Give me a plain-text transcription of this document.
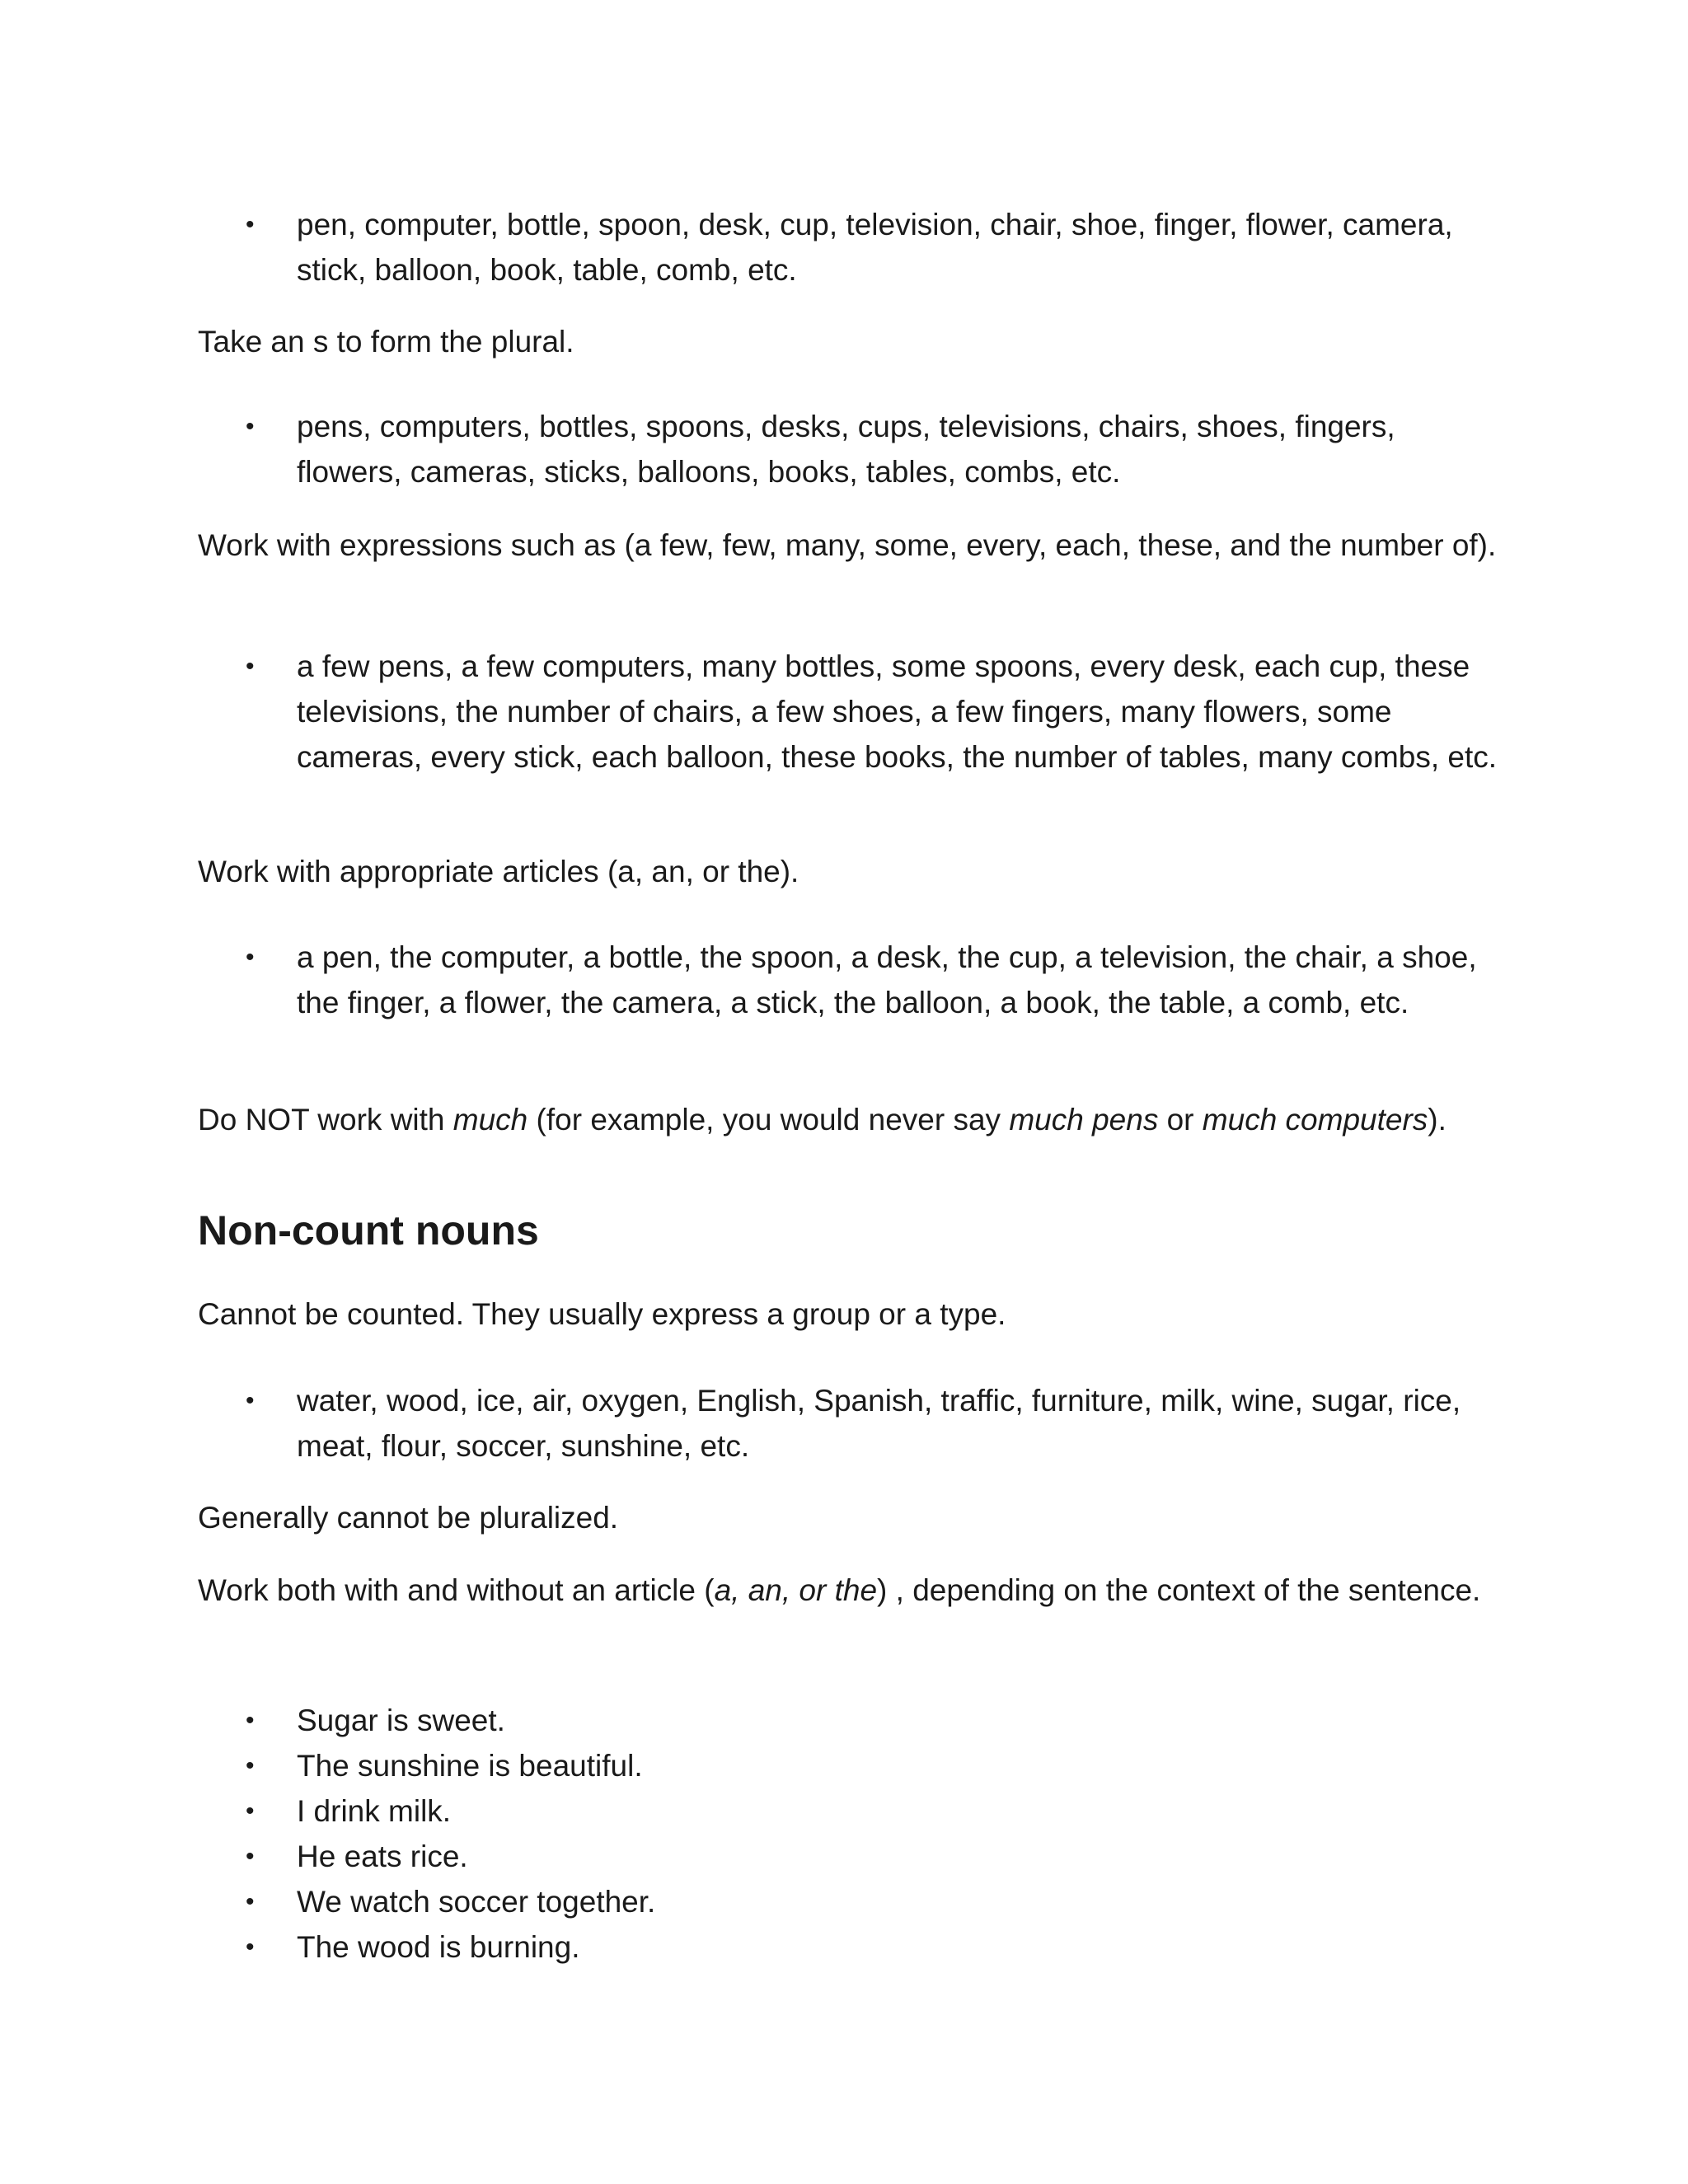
• pen, computer, bottle, spoon, desk, cup, television, chair, shoe, finger, flower, camera, stick, balloon, book, table, comb, etc.

Take an s to form the plural.

• pens, computers, bottles, spoons, desks, cups, televisions, chairs, shoes, fingers, flowers, cameras, sticks, balloons, books, tables, combs, etc.

Work with expressions such as (a few, few, many, some, every, each, these, and the number of).

• a few pens, a few computers, many bottles, some spoons, every desk, each cup, these televisions, the number of chairs, a few shoes, a few fingers, many flowers, some cameras, every stick, each balloon, these books, the number of tables, many combs, etc.

Work with appropriate articles (a, an, or the).

• a pen, the computer, a bottle, the spoon, a desk, the cup, a television, the chair, a shoe, the finger, a flower, the camera, a stick, the balloon, a book, the table, a comb, etc.

Do NOT work with much (for example, you would never say much pens or much computers).

Non-count nouns

Cannot be counted. They usually express a group or a type.

• water, wood, ice, air, oxygen, English, Spanish, traffic, furniture, milk, wine, sugar, rice, meat, flour, soccer, sunshine, etc.

Generally cannot be pluralized.

Work both with and without an article (a, an, or the) , depending on the context of the sentence.

• Sugar is sweet.
• The sunshine is beautiful.
• I drink milk.
• He eats rice.
• We watch soccer together.
• The wood is burning.
